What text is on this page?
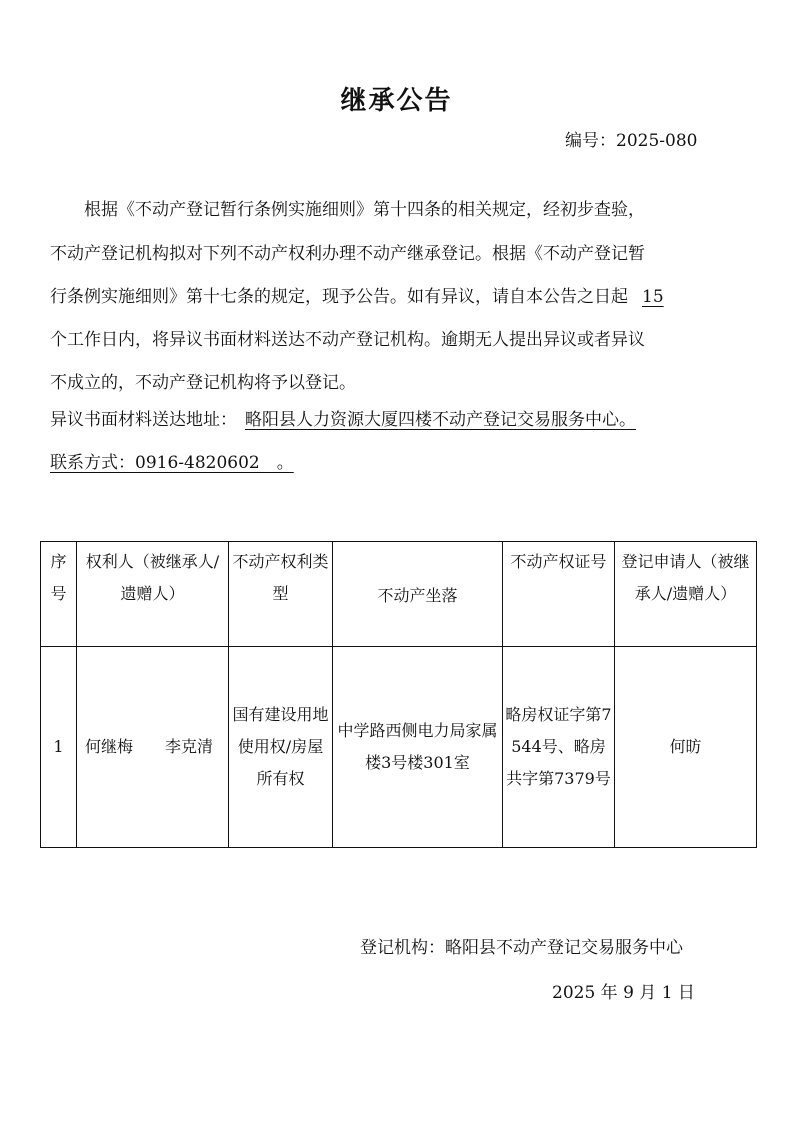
继承公告
编号：2025-080
　　根据《不动产登记暂行条例实施细则》第十四条的相关规定，经初步查验，
不动产登记机构拟对下列不动产权利办理不动产继承登记。根据《不动产登记暂
行条例实施细则》第十七条的规定，现予公告。如有异议，请自本公告之日起 15
个工作日内，将异议书面材料送达不动产登记机构。逾期无人提出异议或者异议
不成立的，不动产登记机构将予以登记。
异议书面材料送达地址： 略阳县人力资源大厦四楼不动产登记交易服务中心。
联系方式：0916-4820602　。
序号	权利人（被继承人/遗赠人）	不动产权利类型	不动产坐落	不动产权证号	登记申请人（被继承人/遗赠人）

1	何继梅　　李克清	国有建设用地使用权/房屋所有权	中学路西侧电力局家属楼3号楼301室	略房权证字第7544号、略房共字第7379号	何昉
登记机构：略阳县不动产登记交易服务中心
2025 年 9 月 1 日
